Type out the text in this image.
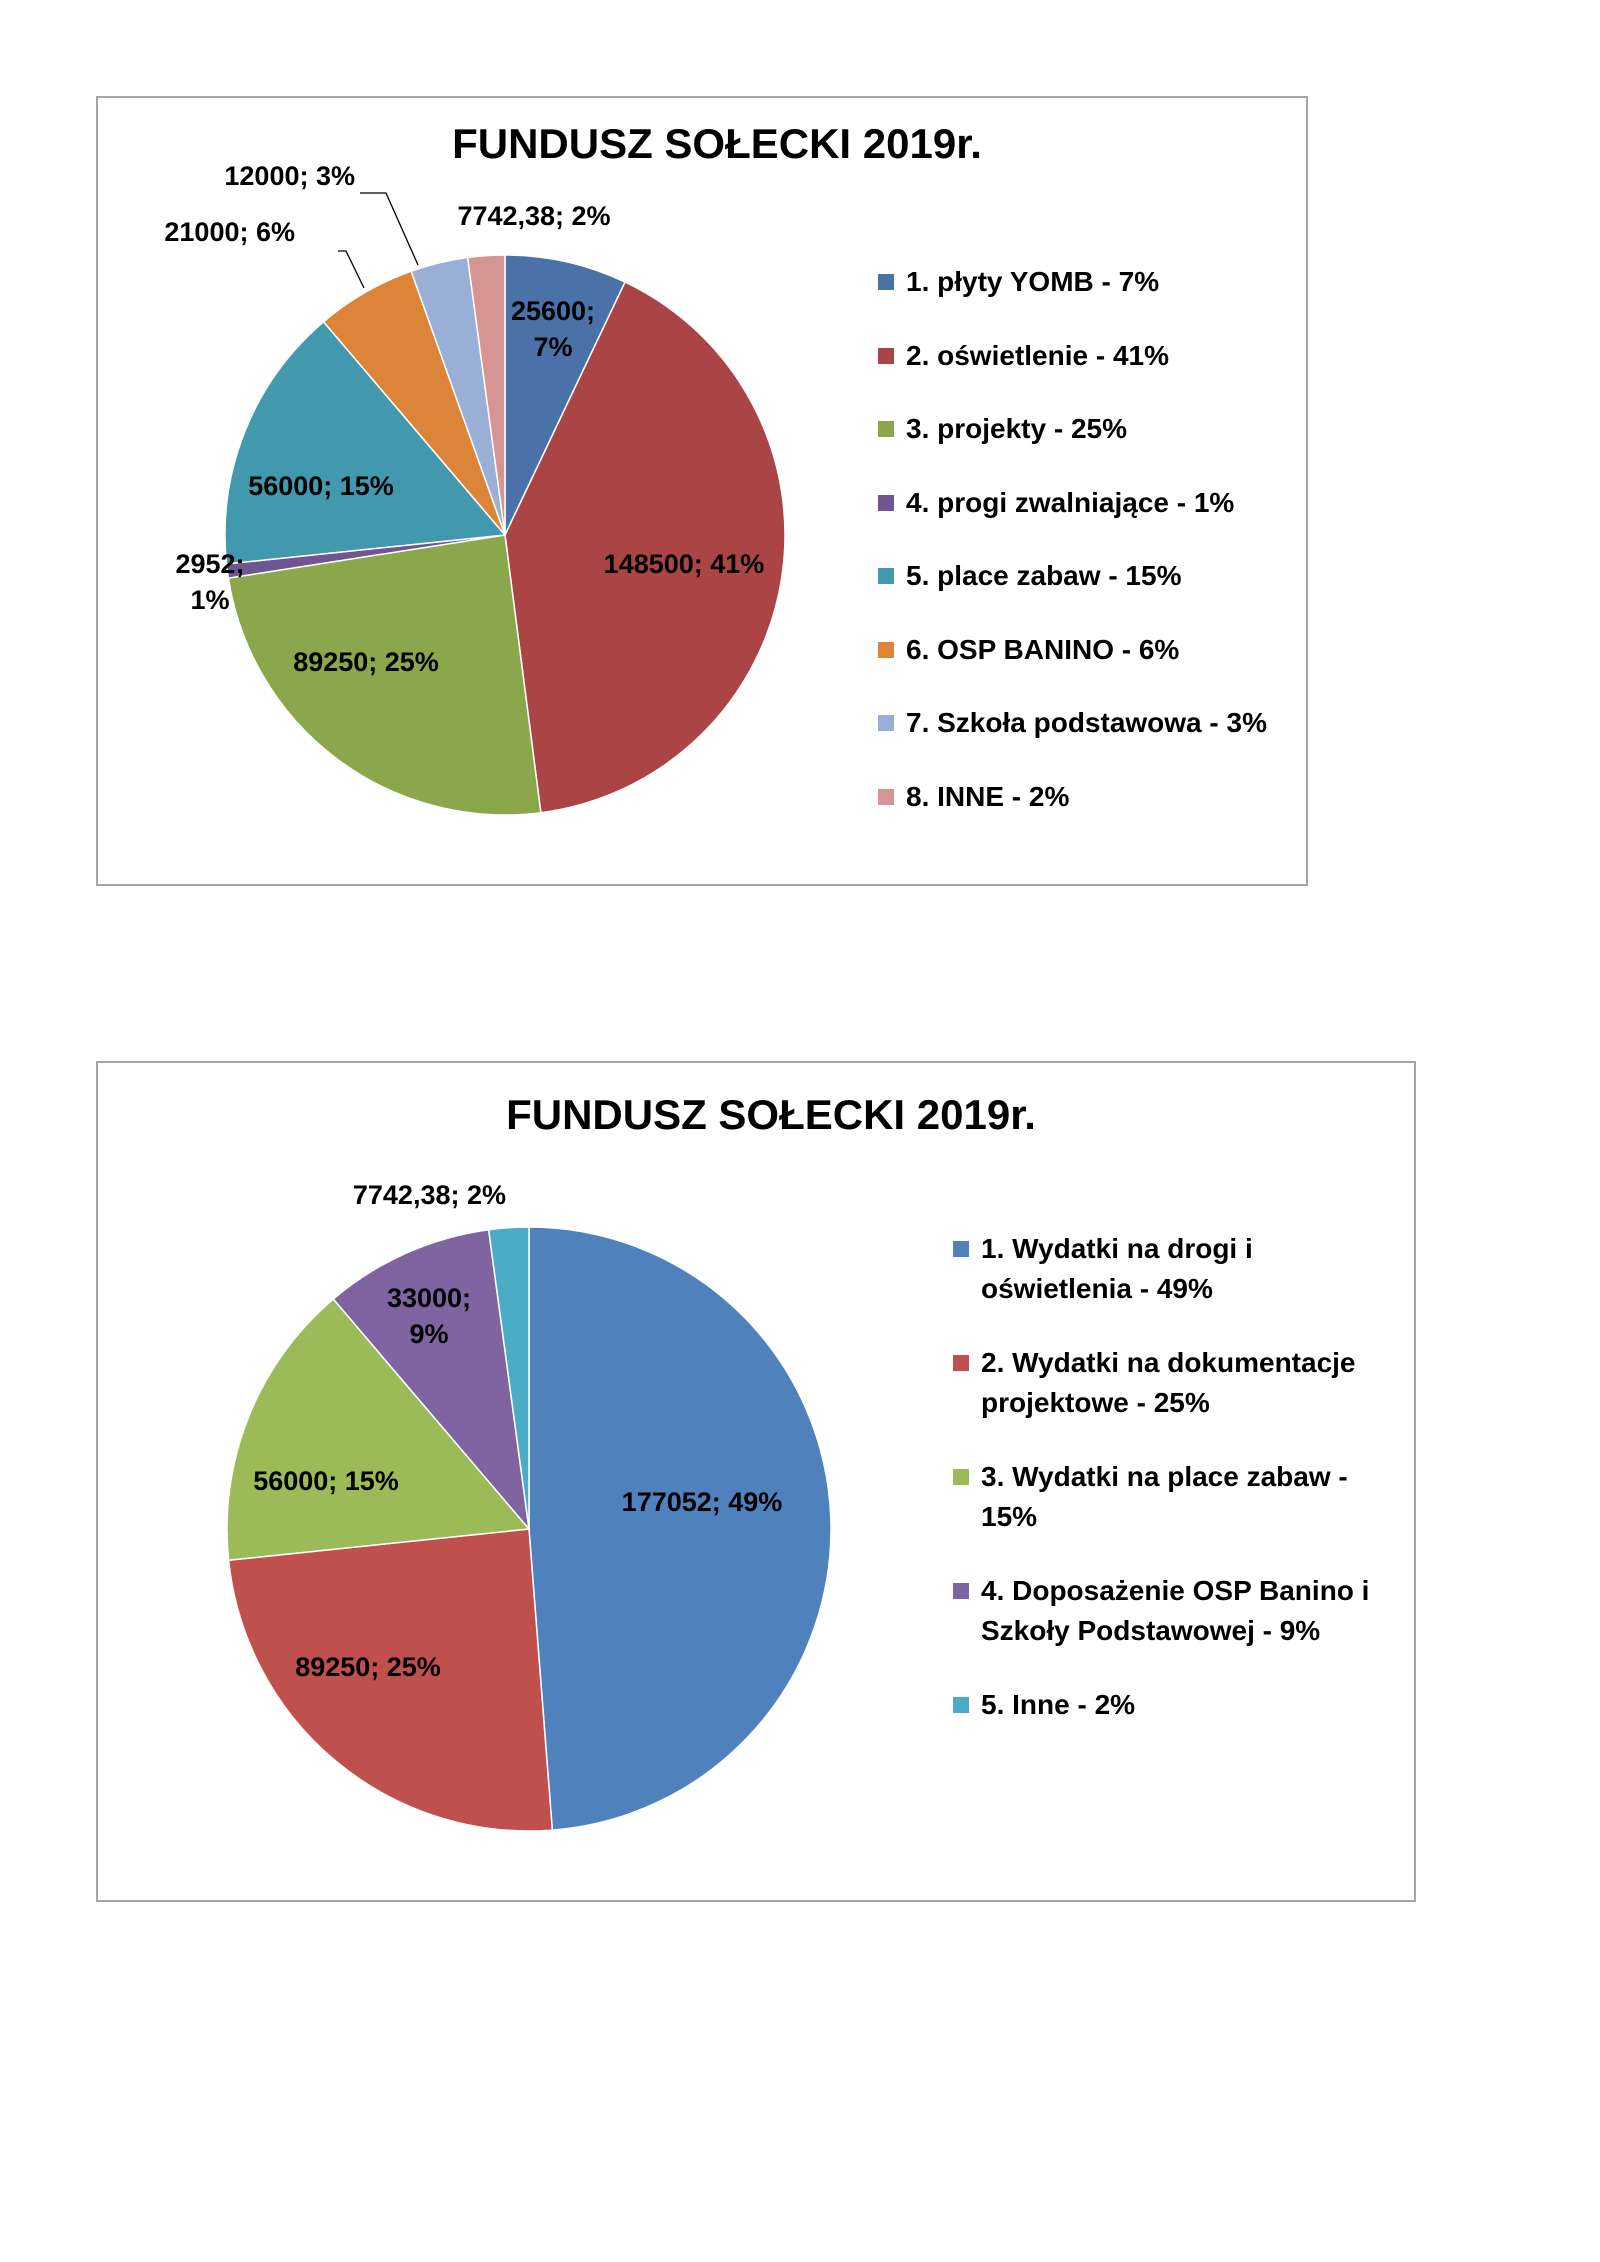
FUNDUSZ SOŁECKI 2019r.
25600; 7%
148500; 41%
89250; 25%
2952; 1%
56000; 15%
21000; 6%
12000; 3%
7742,38; 2%
1. płyty YOMB - 7%
2. oświetlenie - 41%
3. projekty - 25%
4. progi zwalniające - 1%
5. place zabaw - 15%
6. OSP BANINO - 6%
7. Szkoła podstawowa - 3%
8. INNE - 2%
FUNDUSZ SOŁECKI 2019r.
177052; 49%
89250; 25%
56000; 15%
33000; 9%
7742,38; 2%
1. Wydatki na drogi i
oświetlenia - 49%
2. Wydatki na dokumentacje
projektowe - 25%
3. Wydatki na place zabaw -
15%
4. Doposażenie OSP Banino i
Szkoły Podstawowej - 9%
5. Inne - 2%
